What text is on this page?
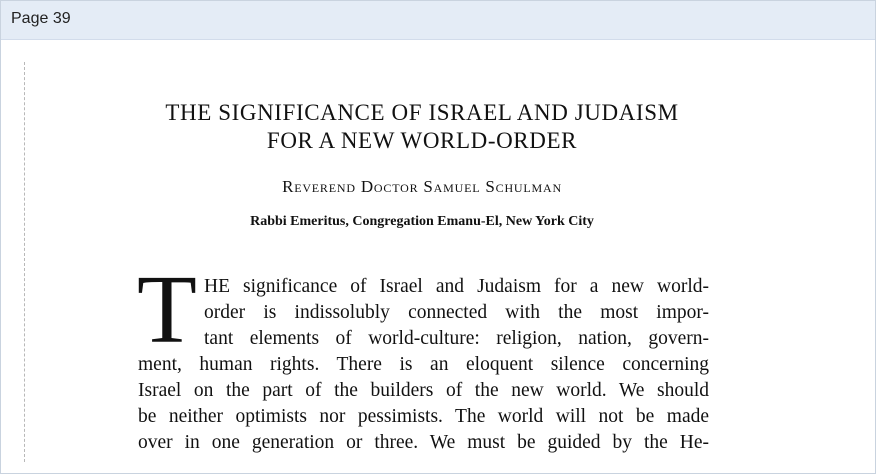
Page 39
THE SIGNIFICANCE OF ISRAEL AND JUDAISM
FOR A NEW WORLD-ORDER
Reverend Doctor Samuel Schulman
Rabbi Emeritus, Congregation Emanu-El, New York City
T HE significance of Israel and Judaism for a new world-
order is indissolubly connected with the most impor-
tant elements of world-culture: religion, nation, govern-
ment, human rights. There is an eloquent silence concerning
Israel on the part of the builders of the new world. We should
be neither optimists nor pessimists. The world will not be made
over in one generation or three. We must be guided by the He-
